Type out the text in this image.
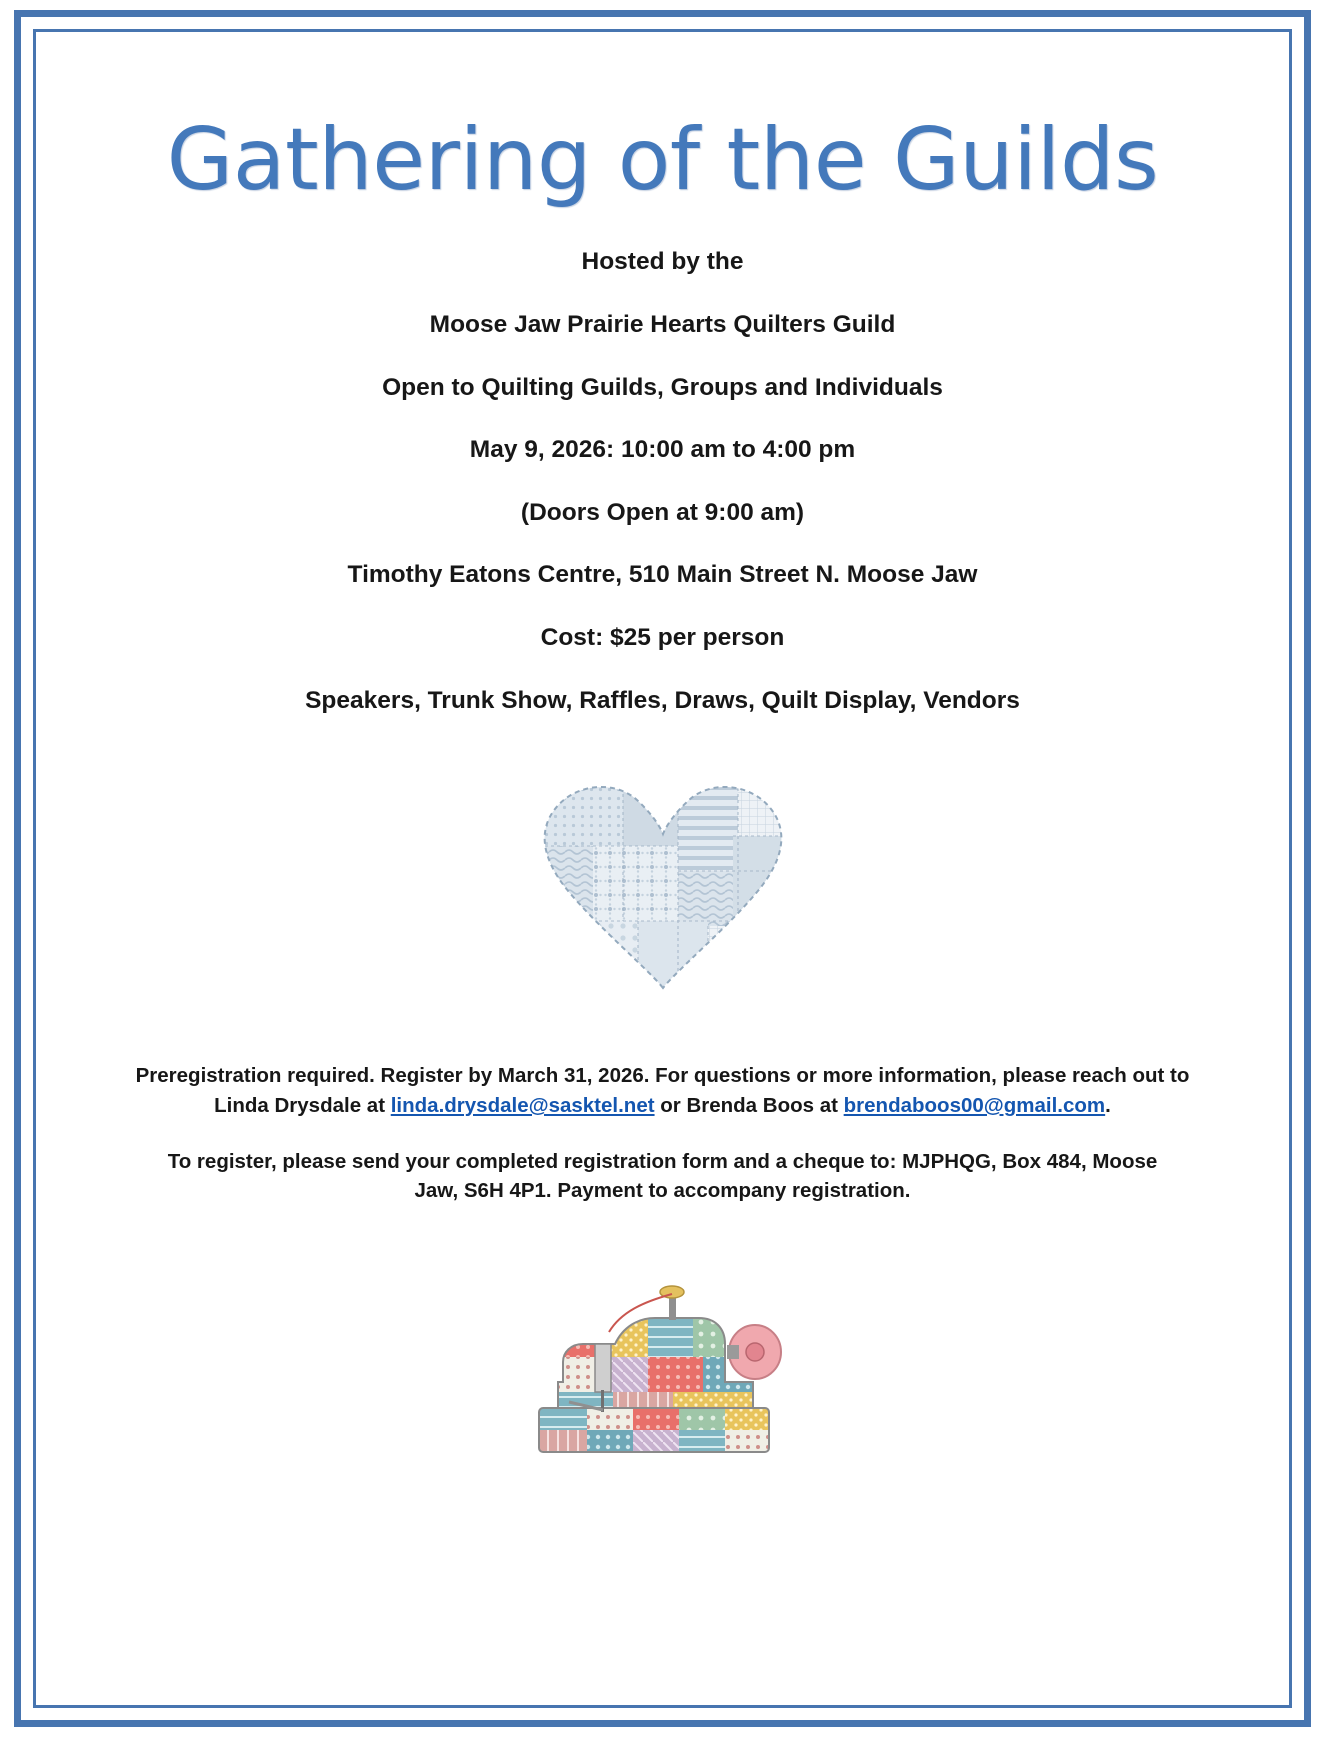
Gathering of the Guilds

Hosted by the

Moose Jaw Prairie Hearts Quilters Guild

Open to Quilting Guilds, Groups and Individuals

May 9, 2026: 10:00 am to 4:00 pm

(Doors Open at 9:00 am)

Timothy Eatons Centre, 510 Main Street N. Moose Jaw

Cost: $25 per person

Speakers, Trunk Show, Raffles, Draws, Quilt Display, Vendors

Preregistration required. Register by March 31, 2026. For questions or more information, please reach out to Linda Drysdale at linda.drysdale@sasktel.net or Brenda Boos at brendaboos00@gmail.com.

To register, please send your completed registration form and a cheque to: MJPHQG, Box 484, Moose Jaw, S6H 4P1. Payment to accompany registration.
